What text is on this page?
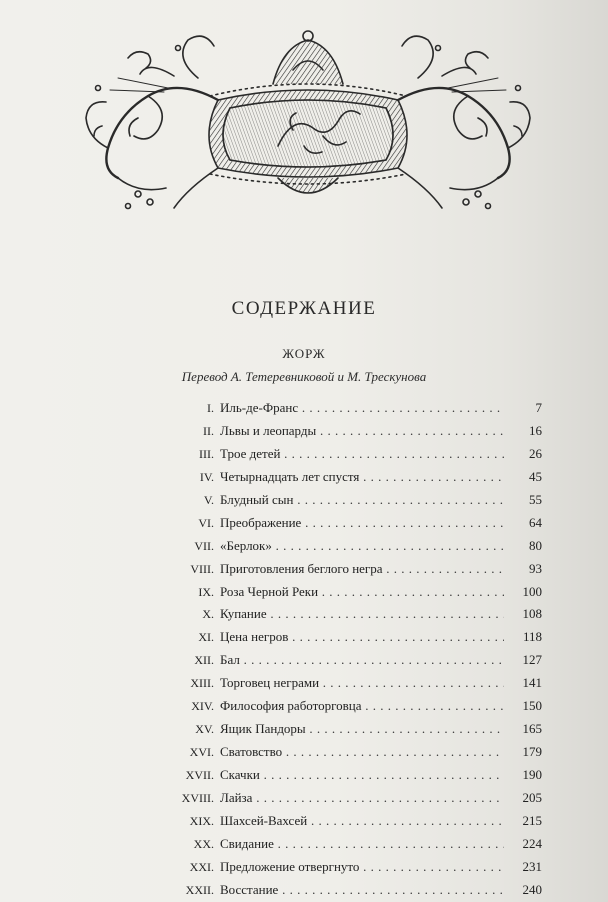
СОДЕРЖАНИЕ
ЖОРЖ
Перевод А. Тетеревниковой и М. Трескунова
I. Иль-де-Франс . . .	7
II. Львы и леопарды . . .	16
III. Трое детей . . .	26
IV. Четырнадцать лет спустя . . .	45
V. Блудный сын . . .	55
VI. Преображение . . .	64
VII. «Берлок» . . .	80
VIII. Приготовления беглого негра . . .	93
IX. Роза Черной Реки . . .	100
X. Купание . . .	108
XI. Цена негров . . .	118
XII. Бал . . .	127
XIII. Торговец неграми . . .	141
XIV. Философия работорговца . . .	150
XV. Ящик Пандоры . . .	165
XVI. Сватовство . . .	179
XVII. Скачки . . .	190
XVIII. Лайза . . .	205
XIX. Шахсей-Вахсей . . .	215
XX. Свидание . . .	224
XXI. Предложение отвергнуто . . .	231
XXII. Восстание . . .	240
